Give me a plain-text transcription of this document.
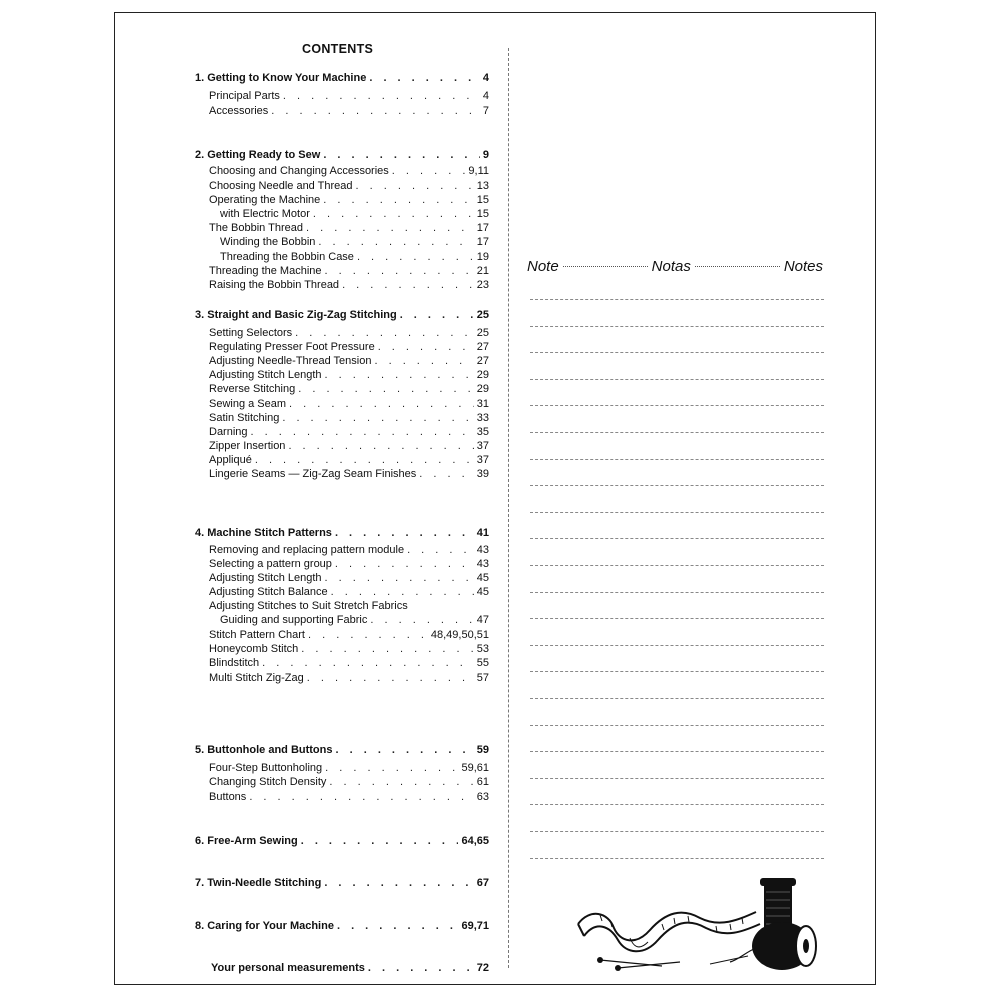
CONTENTS
1. Getting to Know Your Machine . . .	4
Principal Parts . . .	4
Accessories . . .	7
2. Getting Ready to Sew . . .	9
Choosing and Changing Accessories . . .	9,11
Choosing Needle and Thread . . .	13
Operating the Machine . . .	15
with Electric Motor . . .	15
The Bobbin Thread . . .	17
Winding the Bobbin . . .	17
Threading the Bobbin Case . . .	19
Threading the Machine . . .	21
Raising the Bobbin Thread . . .	23
3. Straight and Basic Zig-Zag Stitching . . .	25
Setting Selectors . . .	25
Regulating Presser Foot Pressure . . .	27
Adjusting Needle-Thread Tension . . .	27
Adjusting Stitch Length . . .	29
Reverse Stitching . . .	29
Sewing a Seam . . .	31
Satin Stitching . . .	33
Darning . . .	35
Zipper Insertion . . .	37
Appliqué . . .	37
Lingerie Seams — Zig-Zag Seam Finishes . . .	39
4. Machine Stitch Patterns . . .	41
Removing and replacing pattern module . . .	43
Selecting a pattern group . . .	43
Adjusting Stitch Length . . .	45
Adjusting Stitch Balance . . .	45
Adjusting Stitches to Suit Stretch Fabrics
Guiding and supporting Fabric . . .	47
Stitch Pattern Chart . . .	48,49,50,51
Honeycomb Stitch . . .	53
Blindstitch . . .	55
Multi Stitch Zig-Zag . . .	57
5. Buttonhole and Buttons . . .	59
Four-Step Buttonholing . . .	59,61
Changing Stitch Density . . .	61
Buttons . . .	63
6. Free-Arm Sewing . . .	64,65
7. Twin-Needle Stitching . . .	67
8. Caring for Your Machine . . .	69,71
Your personal measurements . . .	72
Note	Notas	Notes
